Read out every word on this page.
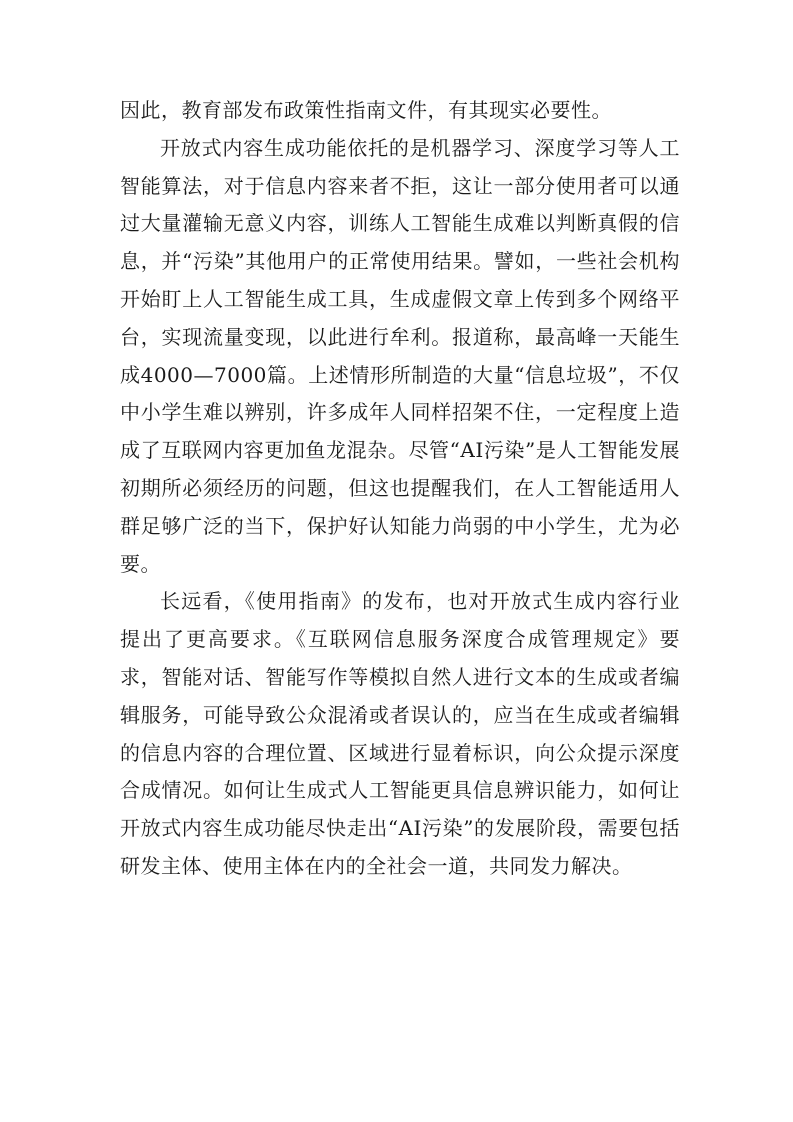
因此，教育部发布政策性指南文件，有其现实必要性。

开放式内容生成功能依托的是机器学习、深度学习等人工智能算法，对于信息内容来者不拒，这让一部分使用者可以通过大量灌输无意义内容，训练人工智能生成难以判断真假的信息，并“污染”其他用户的正常使用结果。譬如，一些社会机构开始盯上人工智能生成工具，生成虚假文章上传到多个网络平台，实现流量变现，以此进行牟利。报道称，最高峰一天能生成4000—7000篇。上述情形所制造的大量“信息垃圾”，不仅中小学生难以辨别，许多成年人同样招架不住，一定程度上造成了互联网内容更加鱼龙混杂。尽管“AI污染”是人工智能发展初期所必须经历的问题，但这也提醒我们，在人工智能适用人群足够广泛的当下，保护好认知能力尚弱的中小学生，尤为必要。

长远看，《使用指南》的发布，也对开放式生成内容行业提出了更高要求。《互联网信息服务深度合成管理规定》要求，智能对话、智能写作等模拟自然人进行文本的生成或者编辑服务，可能导致公众混淆或者误认的，应当在生成或者编辑的信息内容的合理位置、区域进行显着标识，向公众提示深度合成情况。如何让生成式人工智能更具信息辨识能力，如何让开放式内容生成功能尽快走出“AI污染”的发展阶段，需要包括研发主体、使用主体在内的全社会一道，共同发力解决。
